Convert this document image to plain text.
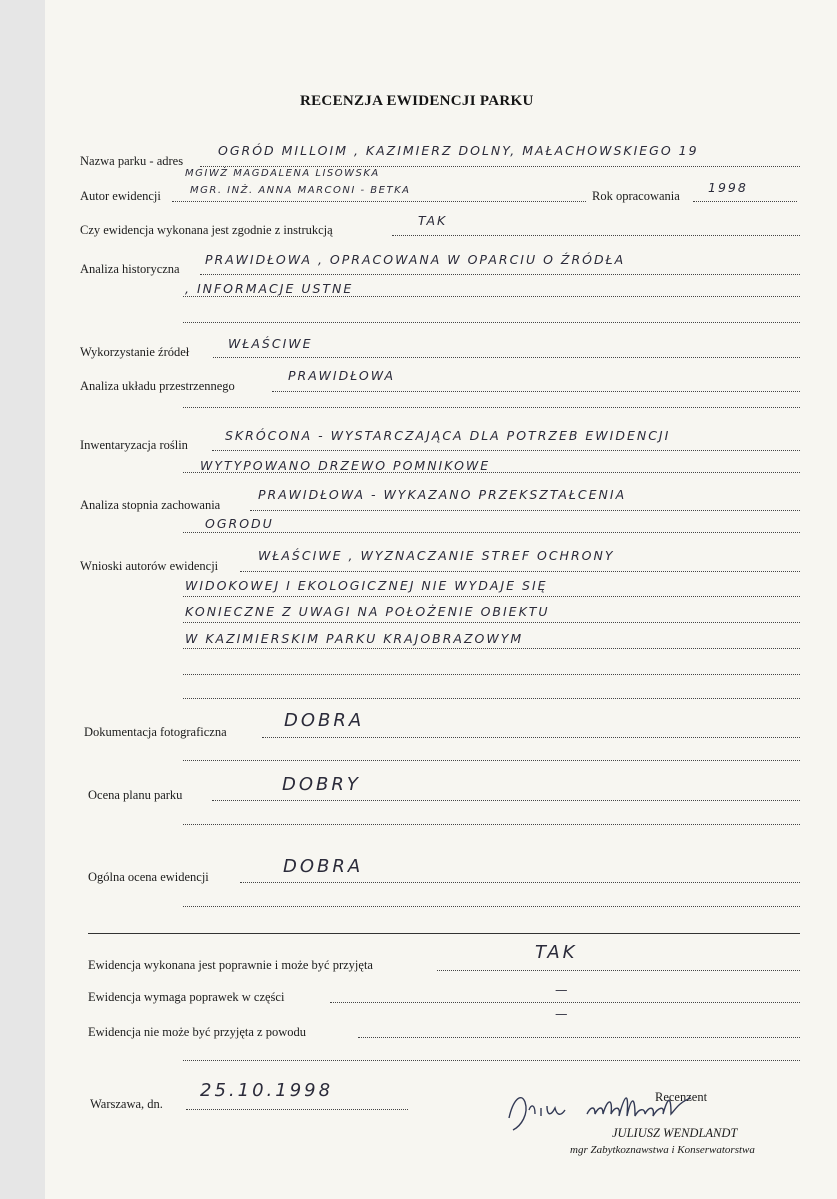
RECENZJA EWIDENCJI PARKU
Nazwa parku - adres
OGRÓD MILLOIM , KAZIMIERZ DOLNY, MAŁACHOWSKIEGO 19
MGIWŻ MAGDALENA LISOWSKA
Autor ewidencji	MGR. INŻ. ANNA MARCONI - BETKA	Rok opracowania
1998
Czy ewidencja wykonana jest zgodnie z instrukcją
TAK
Analiza historyczna
PRAWIDŁOWA , OPRACOWANA W OPARCIU O ŹRÓDŁA
, INFORMACJE USTNE
Wykorzystanie źródeł
WŁAŚCIWE
Analiza układu przestrzennego
PRAWIDŁOWA
Inwentaryzacja roślin
SKRÓCONA - WYSTARCZAJĄCA DLA POTRZEB EWIDENCJI
WYTYPOWANO DRZEWO POMNIKOWE
Analiza stopnia zachowania
PRAWIDŁOWA - WYKAZANO PRZEKSZTAŁCENIA
OGRODU
Wnioski autorów ewidencji
WŁAŚCIWE , WYZNACZANIE STREF OCHRONY
WIDOKOWEJ I EKOLOGICZNEJ NIE WYDAJE SIĘ
KONIECZNE Z UWAGI NA POŁOŻENIE OBIEKTU
W KAZIMIERSKIM PARKU KRAJOBRAZOWYM
Dokumentacja fotograficzna
DOBRA
Ocena planu parku	DOBRY
Ogólna ocena ewidencji	DOBRA
Ewidencja wykonana jest poprawnie i może być przyjęta
TAK
Ewidencja wymaga poprawek w części	—
Ewidencja nie może być przyjęta z powodu
—
Warszawa, dn.
25.10.1998	Recenzent
JULIUSZ WENDLANDT
mgr Zabytkoznawstwa i Konserwatorstwa
